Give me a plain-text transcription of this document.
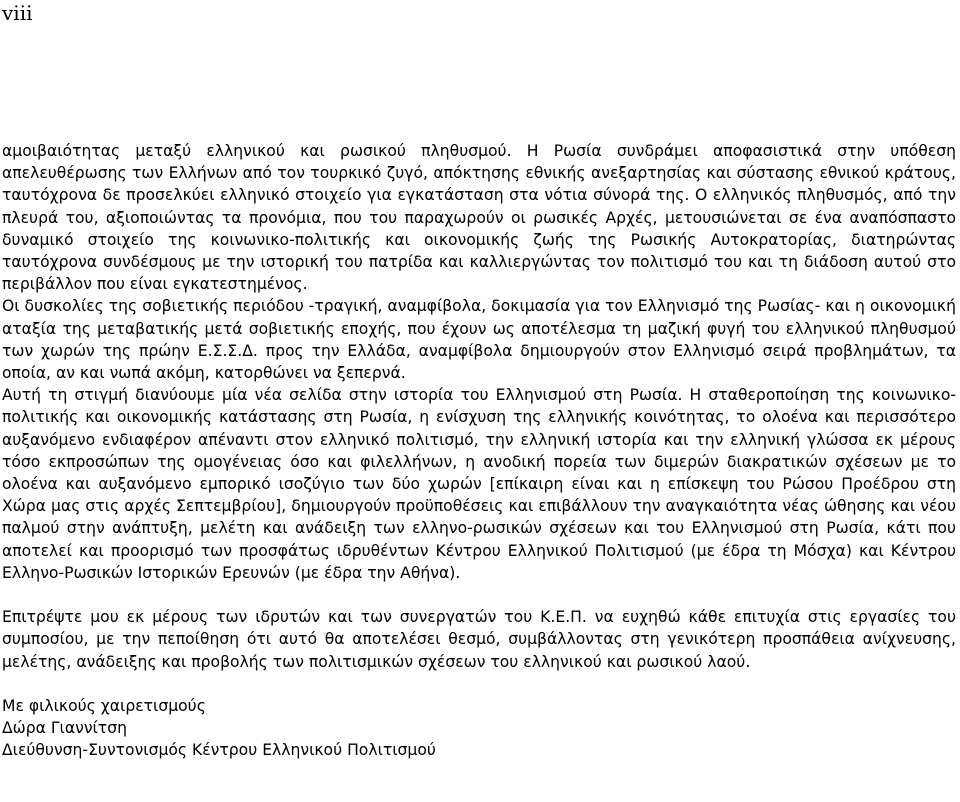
viii

αμοιβαιότητας μεταξύ ελληνικού και ρωσικού πληθυσμού. Η Ρωσία συνδράμει αποφασιστικά στην υπόθεση απελευθέρωσης των Ελλήνων από τον τουρκικό ζυγό, απόκτησης εθνικής ανεξαρτησίας και σύστασης εθνικού κράτους, ταυτόχρονα δε προσελκύει ελληνικό στοιχείο για εγκατάσταση στα νότια σύνορά της. Ο ελληνικός πληθυσμός, από την πλευρά του, αξιοποιώντας τα προνόμια, που του παραχωρούν οι ρωσικές Αρχές, μετουσιώνεται σε ένα αναπόσπαστο δυναμικό στοιχείο της κοινωνικο-πολιτικής και οικονομικής ζωής της Ρωσικής Αυτοκρατορίας, διατηρώντας ταυτόχρονα συνδέσμους με την ιστορική του πατρίδα και καλλιεργώντας τον πολιτισμό του και τη διάδοση αυτού στο περιβάλλον που είναι εγκατεστημένος.

Οι δυσκολίες της σοβιετικής περιόδου -τραγική, αναμφίβολα, δοκιμασία για τον Ελληνισμό της Ρωσίας- και η οικονομική αταξία της μεταβατικής μετά σοβιετικής εποχής, που έχουν ως αποτέλεσμα τη μαζική φυγή του ελληνικού πληθυσμού των χωρών της πρώην Ε.Σ.Σ.Δ. προς την Ελλάδα, αναμφίβολα δημιουργούν στον Ελληνισμό σειρά προβλημάτων, τα οποία, αν και νωπά ακόμη, κατορθώνει να ξεπερνά.

Αυτή τη στιγμή διανύουμε μία νέα σελίδα στην ιστορία του Ελληνισμού στη Ρωσία. Η σταθεροποίηση της κοινωνικο-πολιτικής και οικονομικής κατάστασης στη Ρωσία, η ενίσχυση της ελληνικής κοινότητας, το ολοένα και περισσότερο αυξανόμενο ενδιαφέρον απέναντι στον ελληνικό πολιτισμό, την ελληνική ιστορία και την ελληνική γλώσσα εκ μέρους τόσο εκπροσώπων της ομογένειας όσο και φιλελλήνων, η ανοδική πορεία των διμερών διακρατικών σχέσεων με το ολοένα και αυξανόμενο εμπορικό ισοζύγιο των δύο χωρών [επίκαιρη είναι και η επίσκεψη του Ρώσου Προέδρου στη Χώρα μας στις αρχές Σεπτεμβρίου], δημιουργούν προϋποθέσεις και επιβάλλουν την αναγκαιότητα νέας ώθησης και νέου παλμού στην ανάπτυξη, μελέτη και ανάδειξη των ελληνο-ρωσικών σχέσεων και του Ελληνισμού στη Ρωσία, κάτι που αποτελεί και προορισμό των προσφάτως ιδρυθέντων Κέντρου Ελληνικού Πολιτισμού (με έδρα τη Μόσχα) και Κέντρου Ελληνο-Ρωσικών Ιστορικών Ερευνών (με έδρα την Αθήνα).

Επιτρέψτε μου εκ μέρους των ιδρυτών και των συνεργατών του Κ.Ε.Π. να ευχηθώ κάθε επιτυχία στις εργασίες του συμποσίου, με την πεποίθηση ότι αυτό θα αποτελέσει θεσμό, συμβάλλοντας στη γενικότερη προσπάθεια ανίχνευσης, μελέτης, ανάδειξης και προβολής των πολιτισμικών σχέσεων του ελληνικού και ρωσικού λαού.

Με φιλικούς χαιρετισμούς
Δώρα Γιαννίτση
Διεύθυνση-Συντονισμός Κέντρου Ελληνικού Πολιτισμού
